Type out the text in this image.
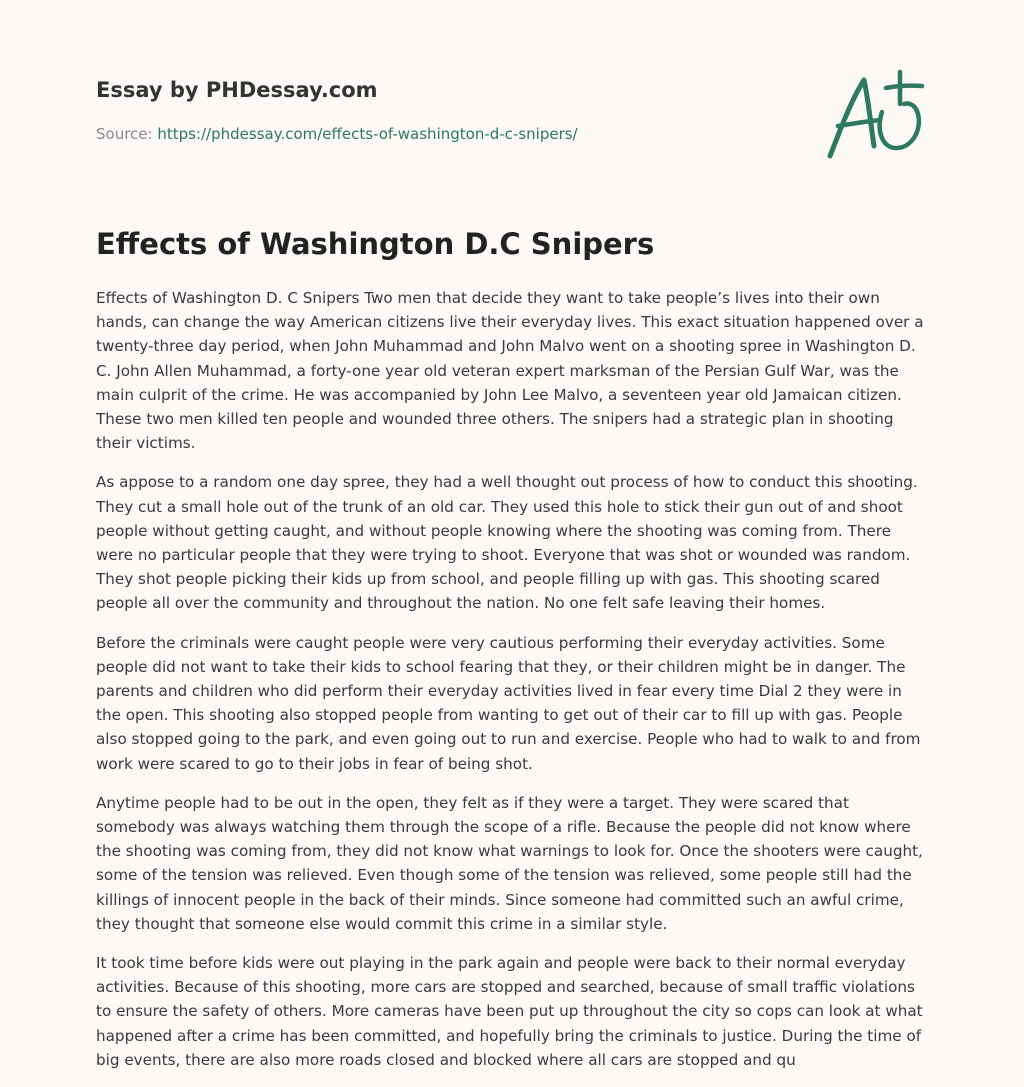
Essay by PHDessay.com
Source: https://phdessay.com/effects-of-washington-d-c-snipers/
Effects of Washington D.C Snipers

Effects of Washington D. C Snipers Two men that decide they want to take people’s lives into their own hands, can change the way American citizens live their everyday lives. This exact situation happened over a twenty-three day period, when John Muhammad and John Malvo went on a shooting spree in Washington D. C. John Allen Muhammad, a forty-one year old veteran expert marksman of the Persian Gulf War, was the main culprit of the crime. He was accompanied by John Lee Malvo, a seventeen year old Jamaican citizen. These two men killed ten people and wounded three others. The snipers had a strategic plan in shooting their victims.

As appose to a random one day spree, they had a well thought out process of how to conduct this shooting. They cut a small hole out of the trunk of an old car. They used this hole to stick their gun out of and shoot people without getting caught, and without people knowing where the shooting was coming from. There were no particular people that they were trying to shoot. Everyone that was shot or wounded was random. They shot people picking their kids up from school, and people filling up with gas. This shooting scared people all over the community and throughout the nation. No one felt safe leaving their homes.

Before the criminals were caught people were very cautious performing their everyday activities. Some people did not want to take their kids to school fearing that they, or their children might be in danger. The parents and children who did perform their everyday activities lived in fear every time Dial 2 they were in the open. This shooting also stopped people from wanting to get out of their car to fill up with gas. People also stopped going to the park, and even going out to run and exercise. People who had to walk to and from work were scared to go to their jobs in fear of being shot.

Anytime people had to be out in the open, they felt as if they were a target. They were scared that somebody was always watching them through the scope of a rifle. Because the people did not know where the shooting was coming from, they did not know what warnings to look for. Once the shooters were caught, some of the tension was relieved. Even though some of the tension was relieved, some people still had the killings of innocent people in the back of their minds. Since someone had committed such an awful crime, they thought that someone else would commit this crime in a similar style.

It took time before kids were out playing in the park again and people were back to their normal everyday activities. Because of this shooting, more cars are stopped and searched, because of small traffic violations to ensure the safety of others. More cameras have been put up throughout the city so cops can look at what happened after a crime has been committed, and hopefully bring the criminals to justice. During the time of big events, there are also more roads closed and blocked where all cars are stopped and qu
